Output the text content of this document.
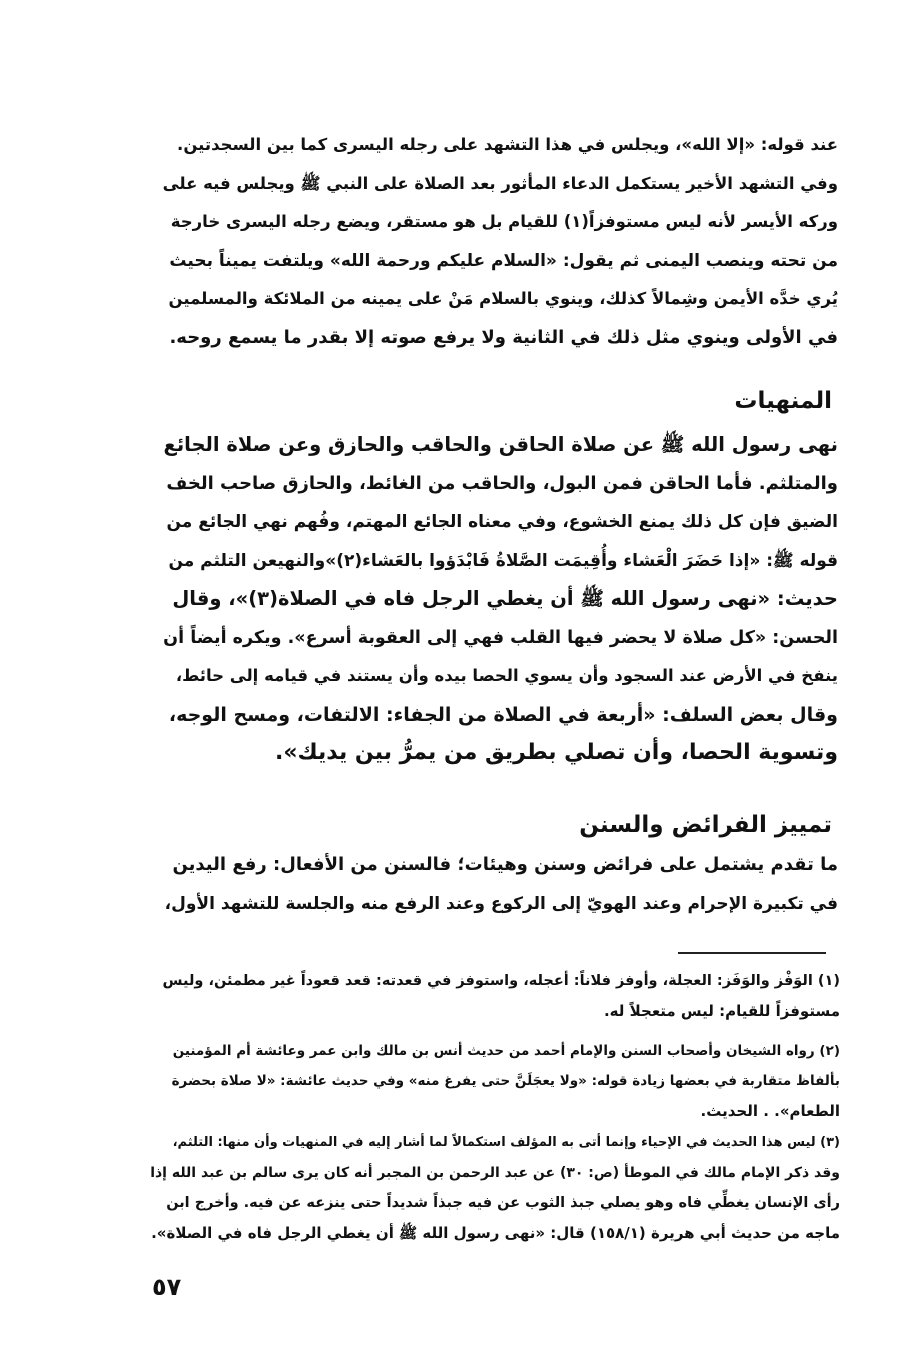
عند قوله: «إلا الله»، ويجلس في هذا التشهد على رجله اليسرى كما بين السجدتين.
وفي التشهد الأخير يستكمل الدعاء المأثور بعد الصلاة على النبي ﷺ ويجلس فيه على
وركه الأيسر لأنه ليس مستوفزاً(١) للقيام بل هو مستقر، ويضع رجله اليسرى خارجة
من تحته وينصب اليمنى ثم يقول: «السلام عليكم ورحمة الله» ويلتفت يميناً بحيث
يُري خدَّه الأيمن وشِمالاً كذلك، وينوي بالسلام مَنْ على يمينه من الملائكة والمسلمين
في الأولى وينوي مثل ذلك في الثانية ولا يرفع صوته إلا بقدر ما يسمع روحه.
المنهيات
نهى رسول الله ﷺ عن صلاة الحاقن والحاقب والحازق وعن صلاة الجائع
والمتلثم. فأما الحاقن فمن البول، والحاقب من الغائط، والحازق صاحب الخف
الضيق فإن كل ذلك يمنع الخشوع، وفي معناه الجائع المهتم، وفُهم نهي الجائع من
قوله ﷺ: «إذا حَضَرَ الْعَشاء وأُقِيمَت الصَّلاةُ فَابْدَؤوا بالعَشاء(٢)»والنهيعن التلثم من
حديث: «نهى رسول الله ﷺ أن يغطي الرجل فاه في الصلاة(٣)»، وقال
الحسن: «كل صلاة لا يحضر فيها القلب فهي إلى العقوبة أسرع». ويكره أيضاً أن
ينفخ في الأرض عند السجود وأن يسوي الحصا بيده وأن يستند في قيامه إلى حائط،
وقال بعض السلف: «أربعة في الصلاة من الجفاء: الالتفات، ومسح الوجه،
وتسوية الحصا، وأن تصلي بطريق من يمرُّ بين يديك».
تمييز الفرائض والسنن
ما تقدم يشتمل على فرائض وسنن وهيئات؛ فالسنن من الأفعال: رفع اليدين
في تكبيرة الإحرام وعند الهويّ إلى الركوع وعند الرفع منه والجلسة للتشهد الأول،
(١) الوَفْز والوَفَز: العجلة، وأوفز فلاناً: أعجله، واستوفز في قعدته: قعد قعوداً غير مطمئن، وليس
مستوفزاً للقيام: ليس متعجلاً له.
(٢) رواه الشيخان وأصحاب السنن والإمام أحمد من حديث أنس بن مالك وابن عمر وعائشة أم المؤمنين
بألفاظ متقاربة في بعضها زيادة قوله: «ولا يعجَلَنَّ حتى يفرغ منه» وفي حديث عائشة: «لا صلاة بحضرة
الطعام». . الحديث.
(٣) ليس هذا الحديث في الإحياء وإنما أتى به المؤلف استكمالاً لما أشار إليه في المنهيات وأن منها: التلثم،
وقد ذكر الإمام مالك في الموطأ (ص: ٣٠) عن عبد الرحمن بن المجبر أنه كان يرى سالم بن عبد الله إذا
رأى الإنسان يغطِّي فاه وهو يصلي جبذ الثوب عن فيه جبذاً شديداً حتى ينزعه عن فيه. وأخرج ابن
ماجه من حديث أبي هريرة (١٥٨/١) قال: «نهى رسول الله ﷺ أن يغطي الرجل فاه في الصلاة».
٥٧
